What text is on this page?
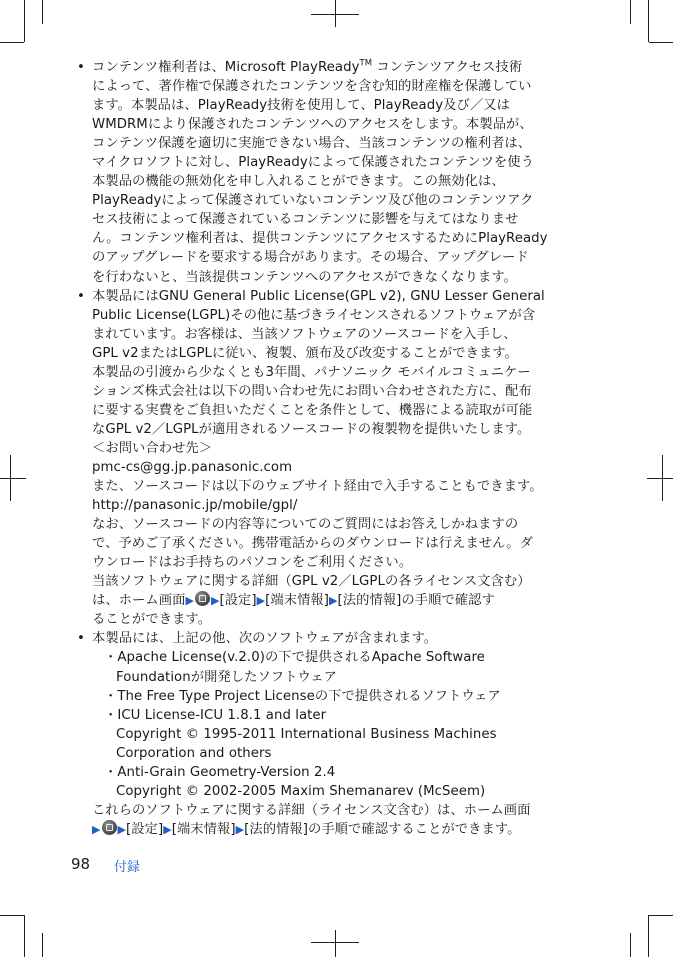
• コンテンツ権利者は、Microsoft PlayReady™ コンテンツアクセス技術
によって、著作権で保護されたコンテンツを含む知的財産権を保護してい
ます。本製品は、PlayReady技術を使用して、PlayReady及び／又は
WMDRMにより保護されたコンテンツへのアクセスをします。本製品が、
コンテンツ保護を適切に実施できない場合、当該コンテンツの権利者は、
マイクロソフトに対し、PlayReadyによって保護されたコンテンツを使う
本製品の機能の無効化を申し入れることができます。この無効化は、
PlayReadyによって保護されていないコンテンツ及び他のコンテンツアク
セス技術によって保護されているコンテンツに影響を与えてはなりませ
ん。コンテンツ権利者は、提供コンテンツにアクセスするためにPlayReady
のアップグレードを要求する場合があります。その場合、アップグレード
を行わないと、当該提供コンテンツへのアクセスができなくなります。
• 本製品にはGNU General Public License(GPL v2), GNU Lesser General
Public License(LGPL)その他に基づきライセンスされるソフトウェアが含
まれています。お客様は、当該ソフトウェアのソースコードを入手し、
GPL v2またはLGPLに従い、複製、頒布及び改変することができます。
本製品の引渡から少なくとも3年間、パナソニック モバイルコミュニケー
ションズ株式会社は以下の問い合わせ先にお問い合わせされた方に、配布
に要する実費をご負担いただくことを条件として、機器による読取が可能
なGPL v2／LGPLが適用されるソースコードの複製物を提供いたします。
＜お問い合わせ先＞
pmc-cs@gg.jp.panasonic.com
また、ソースコードは以下のウェブサイト経由で入手することもできます。
http://panasonic.jp/mobile/gpl/
なお、ソースコードの内容等についてのご質問にはお答えしかねますの
で、予めご了承ください。携帯電話からのダウンロードは行えません。ダ
ウンロードはお手持ちのパソコンをご利用ください。
当該ソフトウェアに関する詳細（GPL v2／LGPLの各ライセンス文含む）
は、ホーム画面▶ ▶[設定]▶[端末情報]▶[法的情報]の手順で確認す
ることができます。
• 本製品には、上記の他、次のソフトウェアが含まれます。
・Apache License(v.2.0)の下で提供されるApache Software
Foundationが開発したソフトウェア
・The Free Type Project Licenseの下で提供されるソフトウェア
・ICU License-ICU 1.8.1 and later
Copyright © 1995-2011 International Business Machines
Corporation and others
・Anti-Grain Geometry-Version 2.4
Copyright © 2002-2005 Maxim Shemanarev (McSeem)
これらのソフトウェアに関する詳細（ライセンス文含む）は、ホーム画面
▶ ▶[設定]▶[端末情報]▶[法的情報]の手順で確認することができます。
98 付録
